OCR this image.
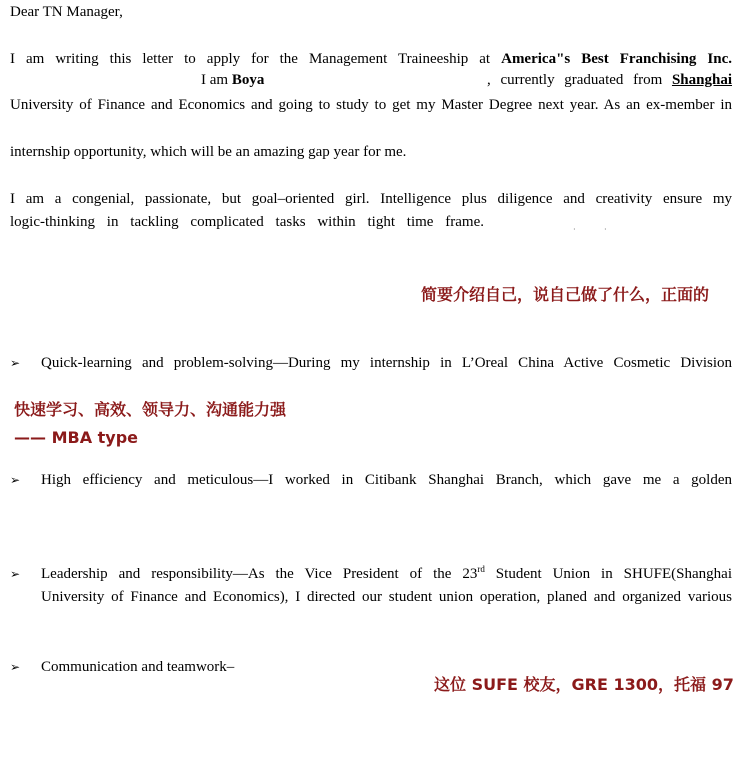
Dear TN Manager,
I am writing this letter to apply for the Management Traineeship at America"s Best Franchising Inc.
I am Boya	, currently graduated from Shanghai
University of Finance and Economics and going to study to get my Master Degree next year. As an ex-member in
internship opportunity, which will be an amazing gap year for me.
I am a congenial, passionate, but goal–oriented girl. Intelligence plus diligence and creativity ensure my
logic-thinking in tackling complicated tasks within tight time frame.	·	·
简要介绍自己，说自己做了什么，正面的
➢ Quick-learning and problem-solving—During my internship in L’Oreal China Active Cosmetic Division
快速学习、高效、领导力、沟通能力强
—— MBA type
➢ High efficiency and meticulous—I worked in Citibank Shanghai Branch, which gave me a golden
➢ Leadership and responsibility—As the Vice President of the 23rd Student Union in SHUFE(Shanghai
University of Finance and Economics), I directed our student union operation, planed and organized various
➢ Communication and teamwork–
这位 SUFE 校友，GRE 1300，托福 97
